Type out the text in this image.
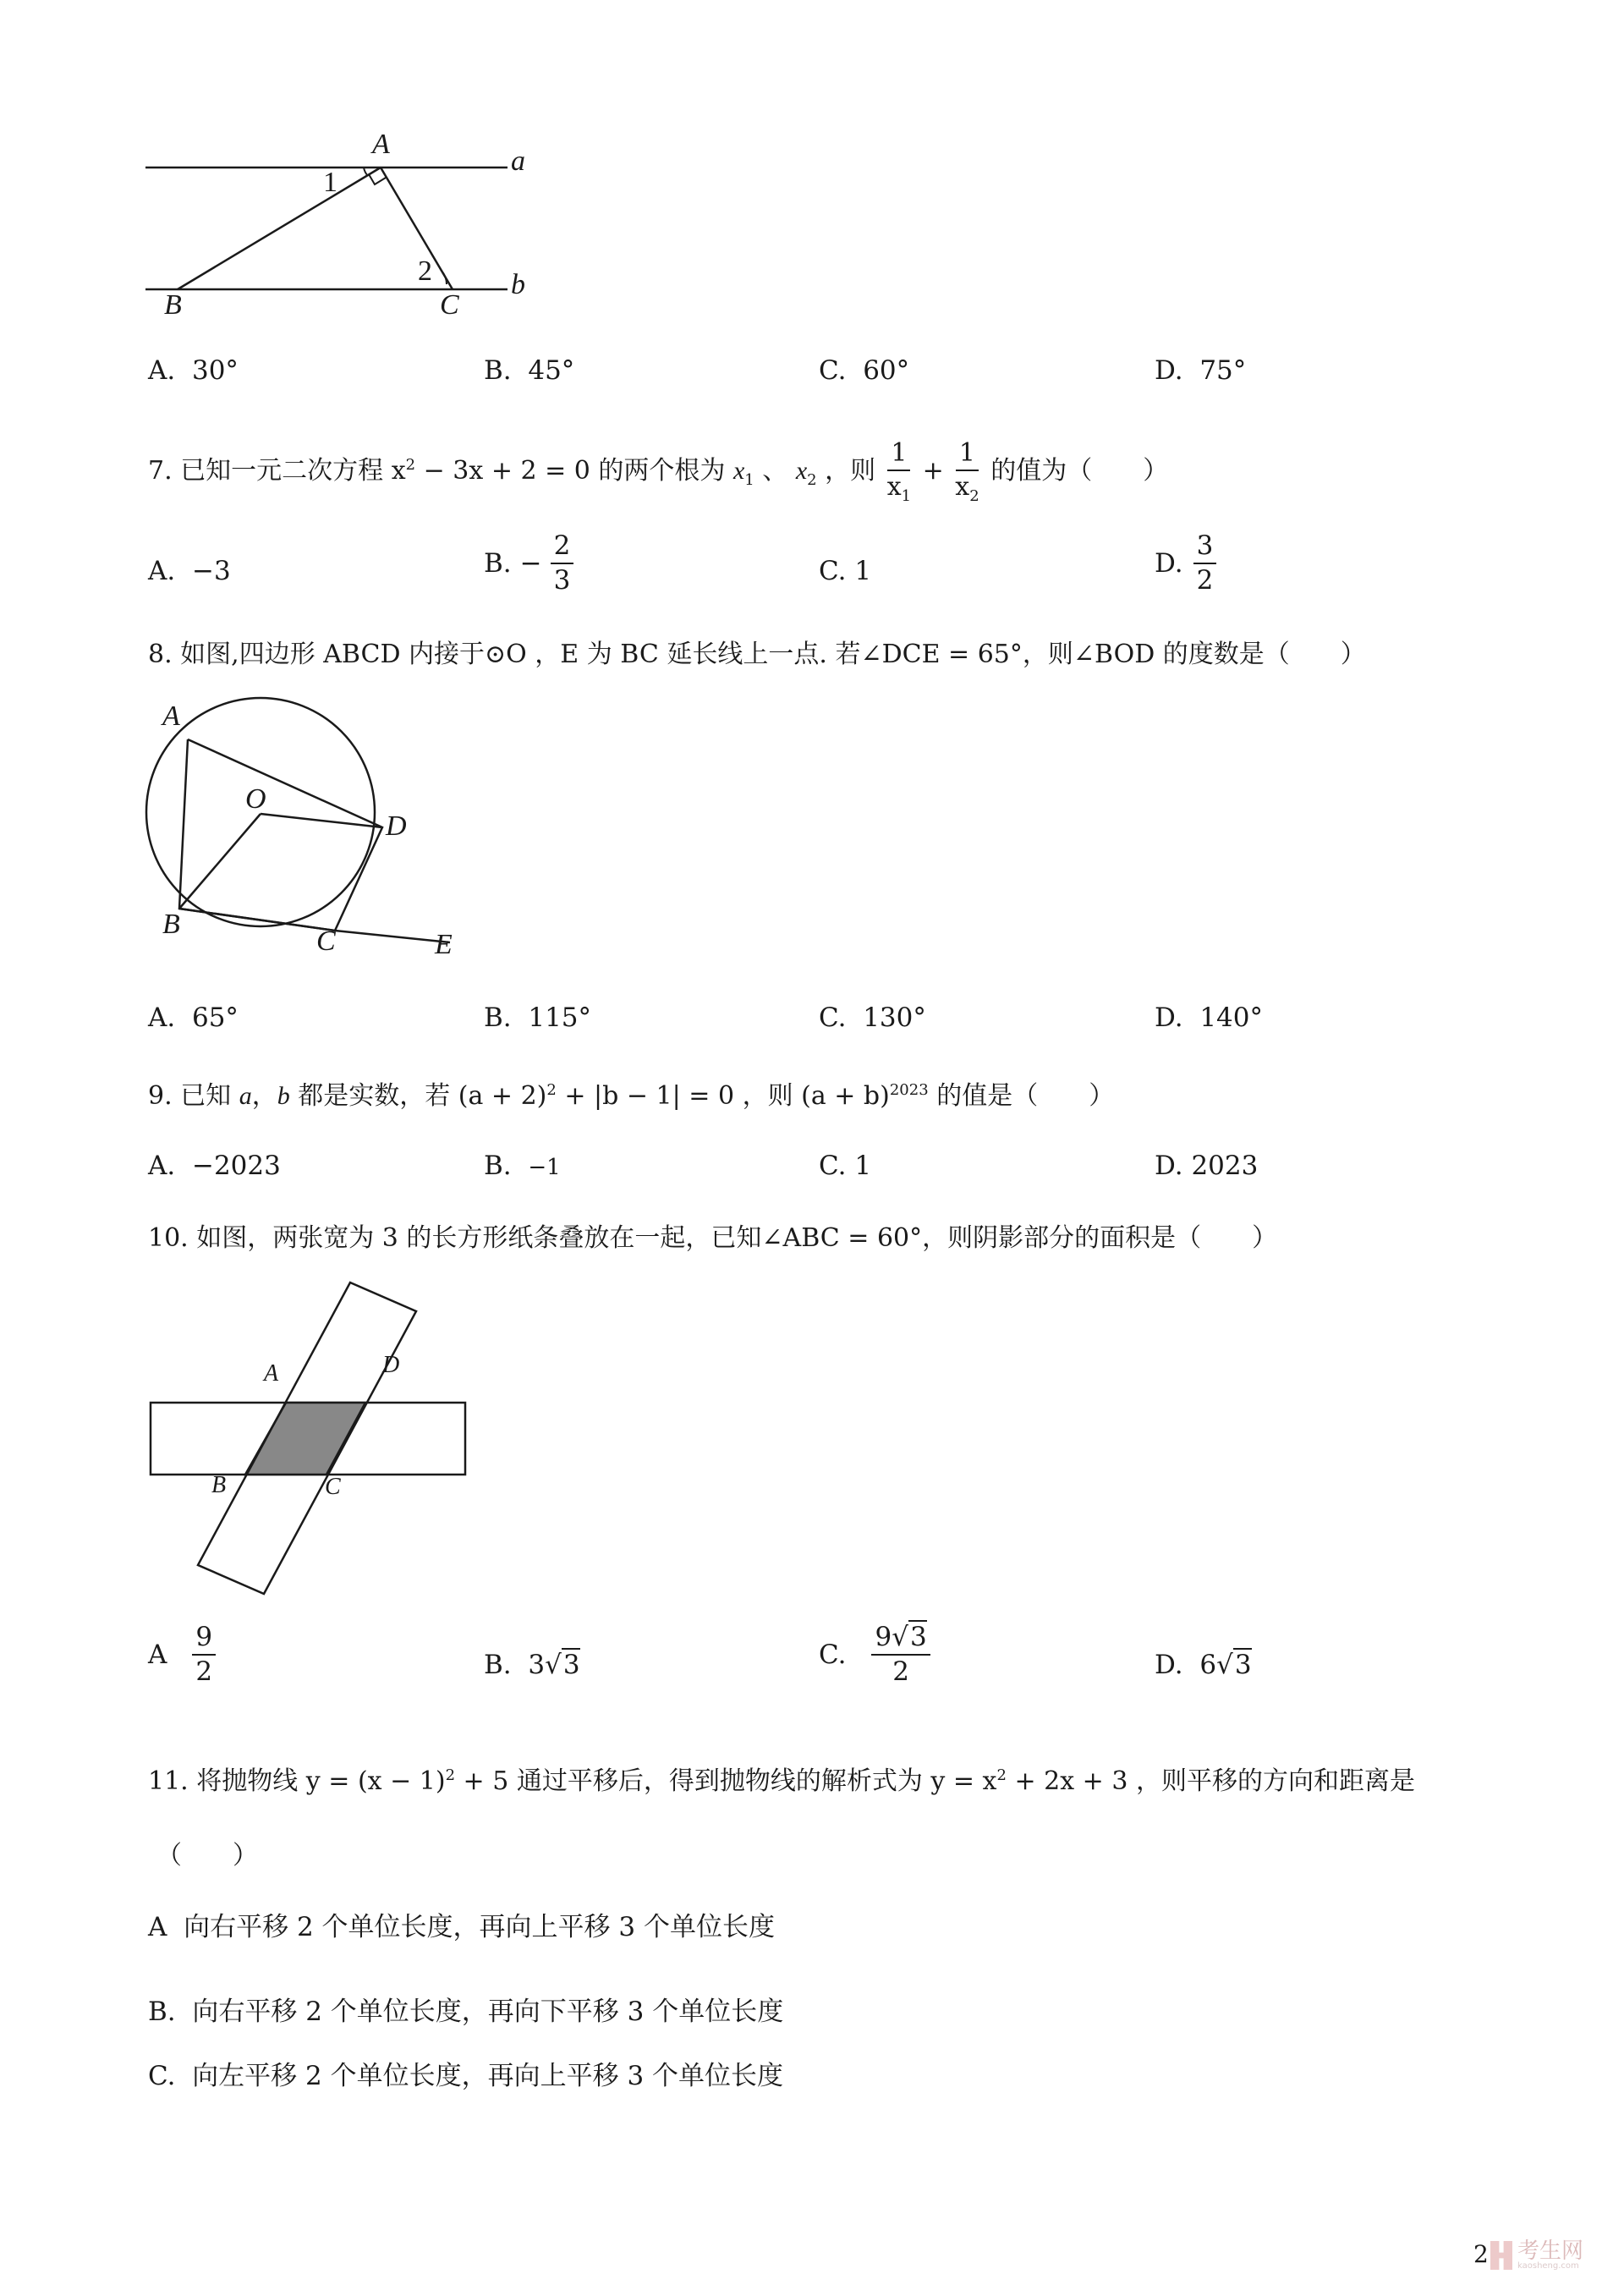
A
a
1
2
B	C
b
A. 30°	B. 45°	C. 60°	D. 75°
7. 已知一元二次方程 $x^2 - 3x + 2 = 0$ 的两个根为 $x_1$ 、 $x_2$ ，则 $\frac{1}{x_1} + \frac{1}{x_2}$ 的值为（　　）
A. −3	B. − $\frac{2}{3}$	C. 1	D. $\frac{3}{2}$
8. 如图,四边形 ABCD 内接于⊙O ，E 为 BC 延长线上一点. 若∠DCE = 65°，则∠BOD 的度数是（　　）
A
O
D
B
C	E
A. 65°	B. 115°	C. 130°	D. 140°
9. 已知 a，b 都是实数，若 $(a + 2)^2 + |b - 1| = 0$ ，则 $(a + b)^{2023}$ 的值是（　　）
A. −2023	B. −1	C. 1	D. 2023
10. 如图，两张宽为 3 的长方形纸条叠放在一起，已知∠ABC = 60°，则阴影部分的面积是（　　）
A	D
B	C
A $\frac{9}{2}$	B. 3√3	C. $\frac{9√3}{2}$	D. 6√3
11. 将抛物线 $y = (x - 1)^2 + 5$ 通过平移后，得到抛物线的解析式为 $y = x^2 + 2x + 3$ ，则平移的方向和距离是
（　　）
A 向右平移 2 个单位长度，再向上平移 3 个单位长度
B. 向右平移 2 个单位长度，再向下平移 3 个单位长度
C. 向左平移 2 个单位长度，再向上平移 3 个单位长度
2 考生网
kaosheng.com
